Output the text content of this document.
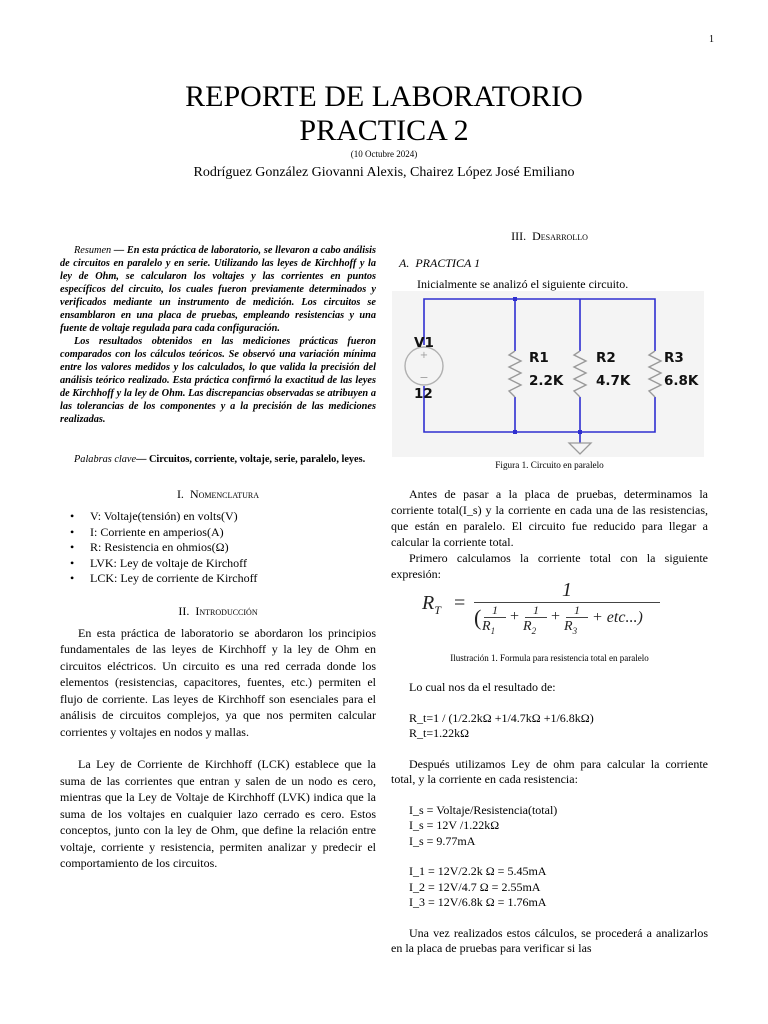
1
REPORTE DE LABORATORIO
PRACTICA 2
(10 Octubre 2024)
Rodríguez González Giovanni Alexis, Chairez López José Emiliano

Resumen — En esta práctica de laboratorio, se llevaron a cabo análisis de circuitos en paralelo y en serie. Utilizando las leyes de Kirchhoff y la ley de Ohm, se calcularon los voltajes y las corrientes en puntos específicos del circuito, los cuales fueron previamente determinados y verificados mediante un instrumento de medición. Los circuitos se ensamblaron en una placa de pruebas, empleando resistencias y una fuente de voltaje regulada para cada configuración.

Los resultados obtenidos en las mediciones prácticas fueron comparados con los cálculos teóricos. Se observó una variación mínima entre los valores medidos y los calculados, lo que valida la precisión del análisis teórico realizado. Esta práctica confirmó la exactitud de las leyes de Kirchhoff y la ley de Ohm. Las discrepancias observadas se atribuyen a las tolerancias de los componentes y a la precisión de las mediciones realizadas.

Palabras clave— Circuitos, corriente, voltaje, serie, paralelo, leyes.
I. Nomenclatura
• V: Voltaje(tensión) en volts(V)
• I: Corriente en amperios(A)
• R: Resistencia en ohmios(Ω)
• LVK: Ley de voltaje de Kirchoff
• LCK: Ley de corriente de Kirchoff
II. Introducción

En esta práctica de laboratorio se abordaron los principios fundamentales de las leyes de Kirchhoff y la ley de Ohm en circuitos eléctricos. Un circuito es una red cerrada donde los elementos (resistencias, capacitores, fuentes, etc.) permiten el flujo de corriente. Las leyes de Kirchhoff son esenciales para el análisis de circuitos complejos, ya que nos permiten calcular corrientes y voltajes en nodos y mallas.

La Ley de Corriente de Kirchhoff (LCK) establece que la suma de las corrientes que entran y salen de un nodo es cero, mientras que la Ley de Voltaje de Kirchhoff (LVK) indica que la suma de los voltajes en cualquier lazo cerrado es cero. Estos conceptos, junto con la ley de Ohm, que define la relación entre voltaje, corriente y resistencia, permiten analizar y predecir el comportamiento de los circuitos.

III. Desarrollo
A. PRACTICA 1

Inicialmente se analizó el siguiente circuito.

+
−
V1
12
R1
2.2K
R2
4.7K
R3
6.8K
Figura 1. Circuito en paralelo

Antes de pasar a la placa de pruebas, determinamos la corriente total(I_s) y la corriente en cada una de las resistencias, que están en paralelo. El circuito fue reducido para llegar a calcular la corriente total.

Primero calculamos la corriente total con la siguiente expresión:

$R_T$ =
1
( 1
$R_1$
+	1
$R_2$
+	1
$R_3$
+ etc...)
Ilustración 1. Formula para resistencia total en paralelo

Lo cual nos da el resultado de:

R_t=1 / (1/2.2kΩ +1/4.7kΩ +1/6.8kΩ)

R_t=1.22kΩ

Después utilizamos Ley de ohm para calcular la corriente total, y la corriente en cada resistencia:

I_s = Voltaje/Resistencia(total)

I_s = 12V /1.22kΩ

I_s = 9.77mA

I_1 = 12V/2.2k Ω = 5.45mA

I_2 = 12V/4.7 Ω = 2.55mA

I_3 = 12V/6.8k Ω = 1.76mA

Una vez realizados estos cálculos, se procederá a analizarlos en la placa de pruebas para verificar si las
